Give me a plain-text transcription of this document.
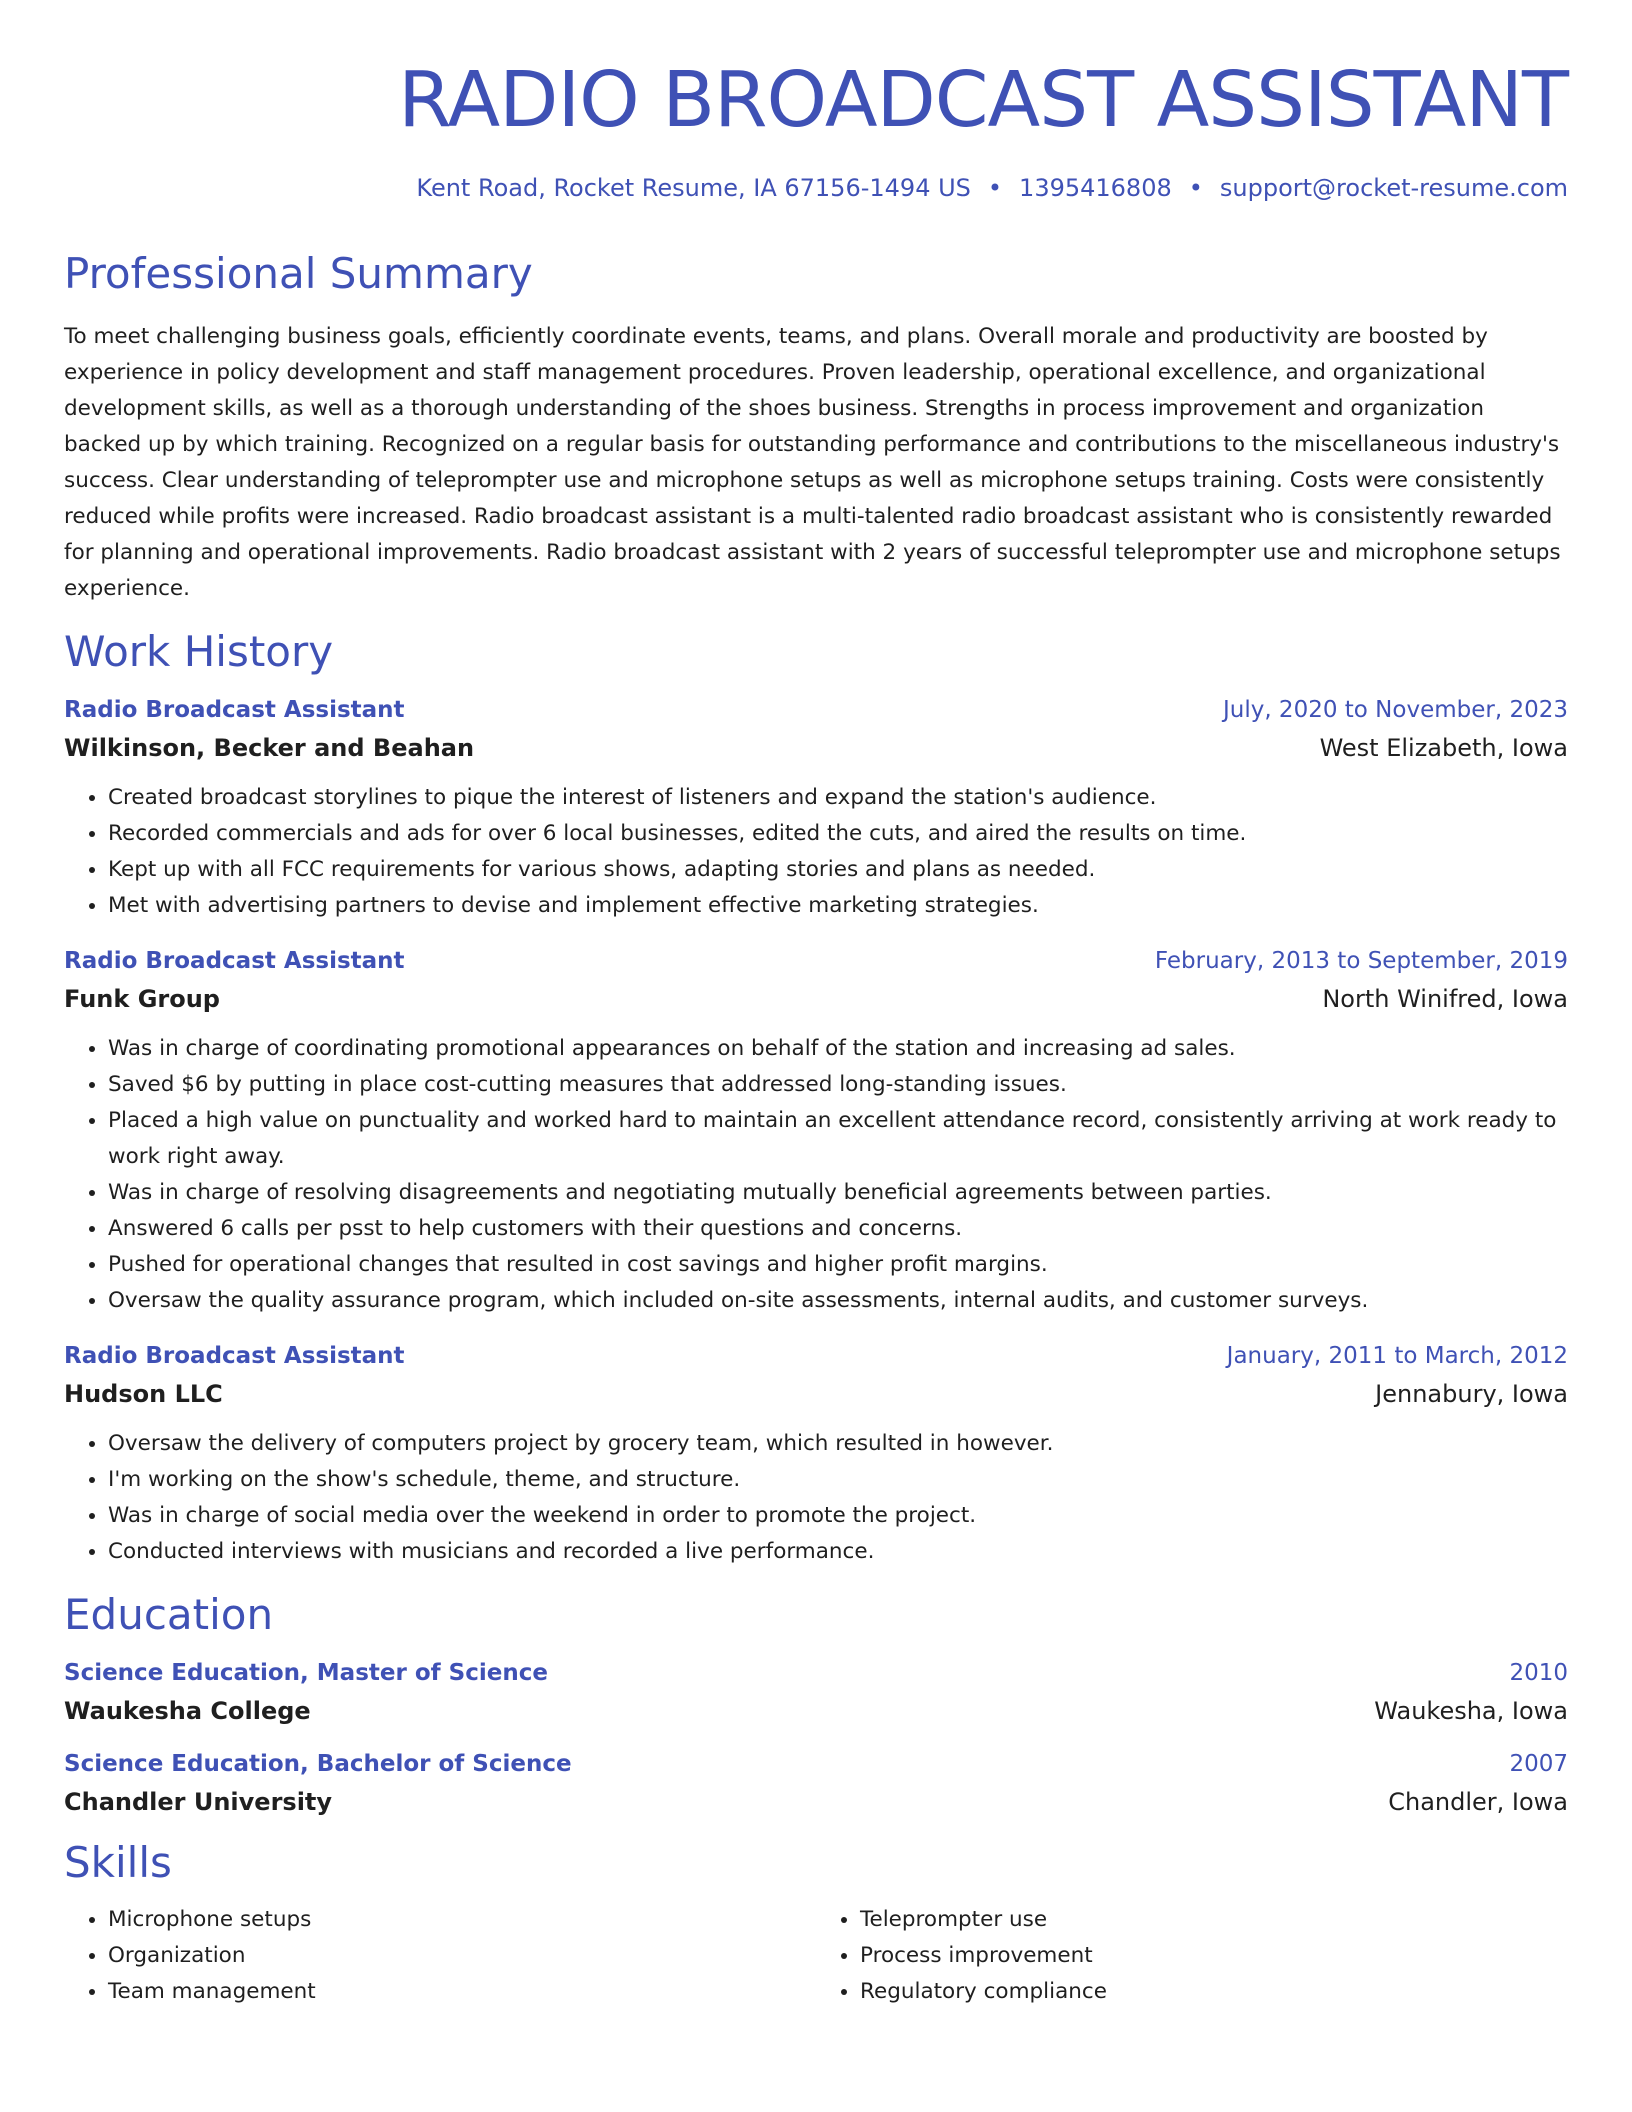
RADIO BROADCAST ASSISTANT
Kent Road, Rocket Resume, IA 67156-1494 US • 1395416808 • support@rocket-resume.com
Professional Summary

To meet challenging business goals, efficiently coordinate events, teams, and plans. Overall morale and productivity are boosted by experience in policy development and staff management procedures. Proven leadership, operational excellence, and organizational development skills, as well as a thorough understanding of the shoes business. Strengths in process improvement and organization backed up by which training. Recognized on a regular basis for outstanding performance and contributions to the miscellaneous industry's success. Clear understanding of teleprompter use and microphone setups as well as microphone setups training. Costs were consistently reduced while profits were increased. Radio broadcast assistant is a multi-talented radio broadcast assistant who is consistently rewarded for planning and operational improvements. Radio broadcast assistant with 2 years of successful teleprompter use and microphone setups experience.

Work History
Radio Broadcast Assistant	July, 2020 to November, 2023
Wilkinson, Becker and Beahan	West Elizabeth, Iowa
• Created broadcast storylines to pique the interest of listeners and expand the station's audience.
• Recorded commercials and ads for over 6 local businesses, edited the cuts, and aired the results on time.
• Kept up with all FCC requirements for various shows, adapting stories and plans as needed.
• Met with advertising partners to devise and implement effective marketing strategies.
Radio Broadcast Assistant	February, 2013 to September, 2019
Funk Group	North Winifred, Iowa
• Was in charge of coordinating promotional appearances on behalf of the station and increasing ad sales.
• Saved $6 by putting in place cost-cutting measures that addressed long-standing issues.
• Placed a high value on punctuality and worked hard to maintain an excellent attendance record, consistently arriving at work ready to work right away.
• Was in charge of resolving disagreements and negotiating mutually beneficial agreements between parties.
• Answered 6 calls per psst to help customers with their questions and concerns.
• Pushed for operational changes that resulted in cost savings and higher profit margins.
• Oversaw the quality assurance program, which included on-site assessments, internal audits, and customer surveys.
Radio Broadcast Assistant	January, 2011 to March, 2012
Hudson LLC	Jennabury, Iowa
• Oversaw the delivery of computers project by grocery team, which resulted in however.
• I'm working on the show's schedule, theme, and structure.
• Was in charge of social media over the weekend in order to promote the project.
• Conducted interviews with musicians and recorded a live performance.
Education
Science Education, Master of Science	2010
Waukesha College	Waukesha, Iowa
Science Education, Bachelor of Science	2007
Chandler University	Chandler, Iowa
Skills
• Microphone setups
• Organization
• Team management
• Teleprompter use
• Process improvement
• Regulatory compliance
